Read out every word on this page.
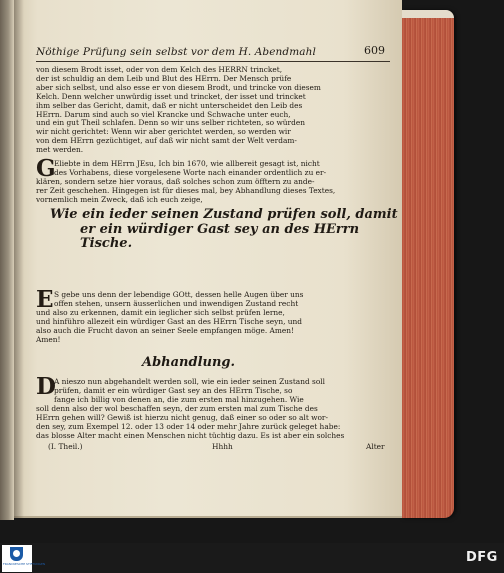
Nöthige Prüfung sein selbst vor dem H. Abendmahl	609
von diesem Brodt isset, oder von dem Kelch des HERRN trincket,
der ist schuldig an dem Leib und Blut des HErrn. Der Mensch prüfe
aber sich selbst, und also esse er von diesem Brodt, und trincke von diesem
Kelch. Denn welcher unwürdig isset und trincket, der isset und trincket
ihm selber das Gericht, damit, daß er nicht unterscheidet den Leib des
HErrn. Darum sind auch so viel Krancke und Schwache unter euch,
und ein gut Theil schlafen. Denn so wir uns selber richteten, so würden
wir nicht gerichtet: Wenn wir aber gerichtet werden, so werden wir
von dem HErrn gezüchtiget, auf daß wir nicht samt der Welt verdam-
met werden.
G
Eliebte in dem HErrn JEsu, Ich bin 1670, wie allbereit gesagt ist, nicht
des Vorhabens, diese vorgelesene Worte nach einander ordentlich zu er-
klären, sondern setze hier voraus, daß solches schon zum öfftern zu ande-
rer Zeit geschehen. Hingegen ist für dieses mal, bey Abhandlung dieses Textes,
vornemlich mein Zweck, daß ich euch zeige,
Wie ein ieder seinen Zustand prüfen soll, damit
er ein würdiger Gast sey an des HErrn
Tische.
E S gebe uns denn der lebendige GOtt, dessen helle Augen über uns
offen stehen, unsern äusserlichen und inwendigen Zustand recht
und also zu erkennen, damit ein ieglicher sich selbst prüfen lerne,
und hinführo allezeit ein würdiger Gast an des HErrn Tische seyn, und
also auch die Frucht davon an seiner Seele empfangen möge. Amen!
Amen!
Abhandlung.
D
A nieszo nun abgehandelt werden soll, wie ein ieder seinen Zustand soll
prüfen, damit er ein würdiger Gast sey an des HErrn Tische, so
fange ich billig von denen an, die zum ersten mal hinzugehen. Wie
soll denn also der wol beschaffen seyn, der zum ersten mal zum Tische des
HErrn gehen will? Gewiß ist hierzu nicht genug, daß einer so oder so alt wor-
den sey, zum Exempel 12. oder 13 oder 14 oder mehr Jahre zurück geleget habe:
das blosse Alter macht einen Menschen nicht tüchtig dazu. Es ist aber ein solches
(I. Theil.)	Hhhh	Alter
FRANCKESCHE STIFTUNGEN	DFG
